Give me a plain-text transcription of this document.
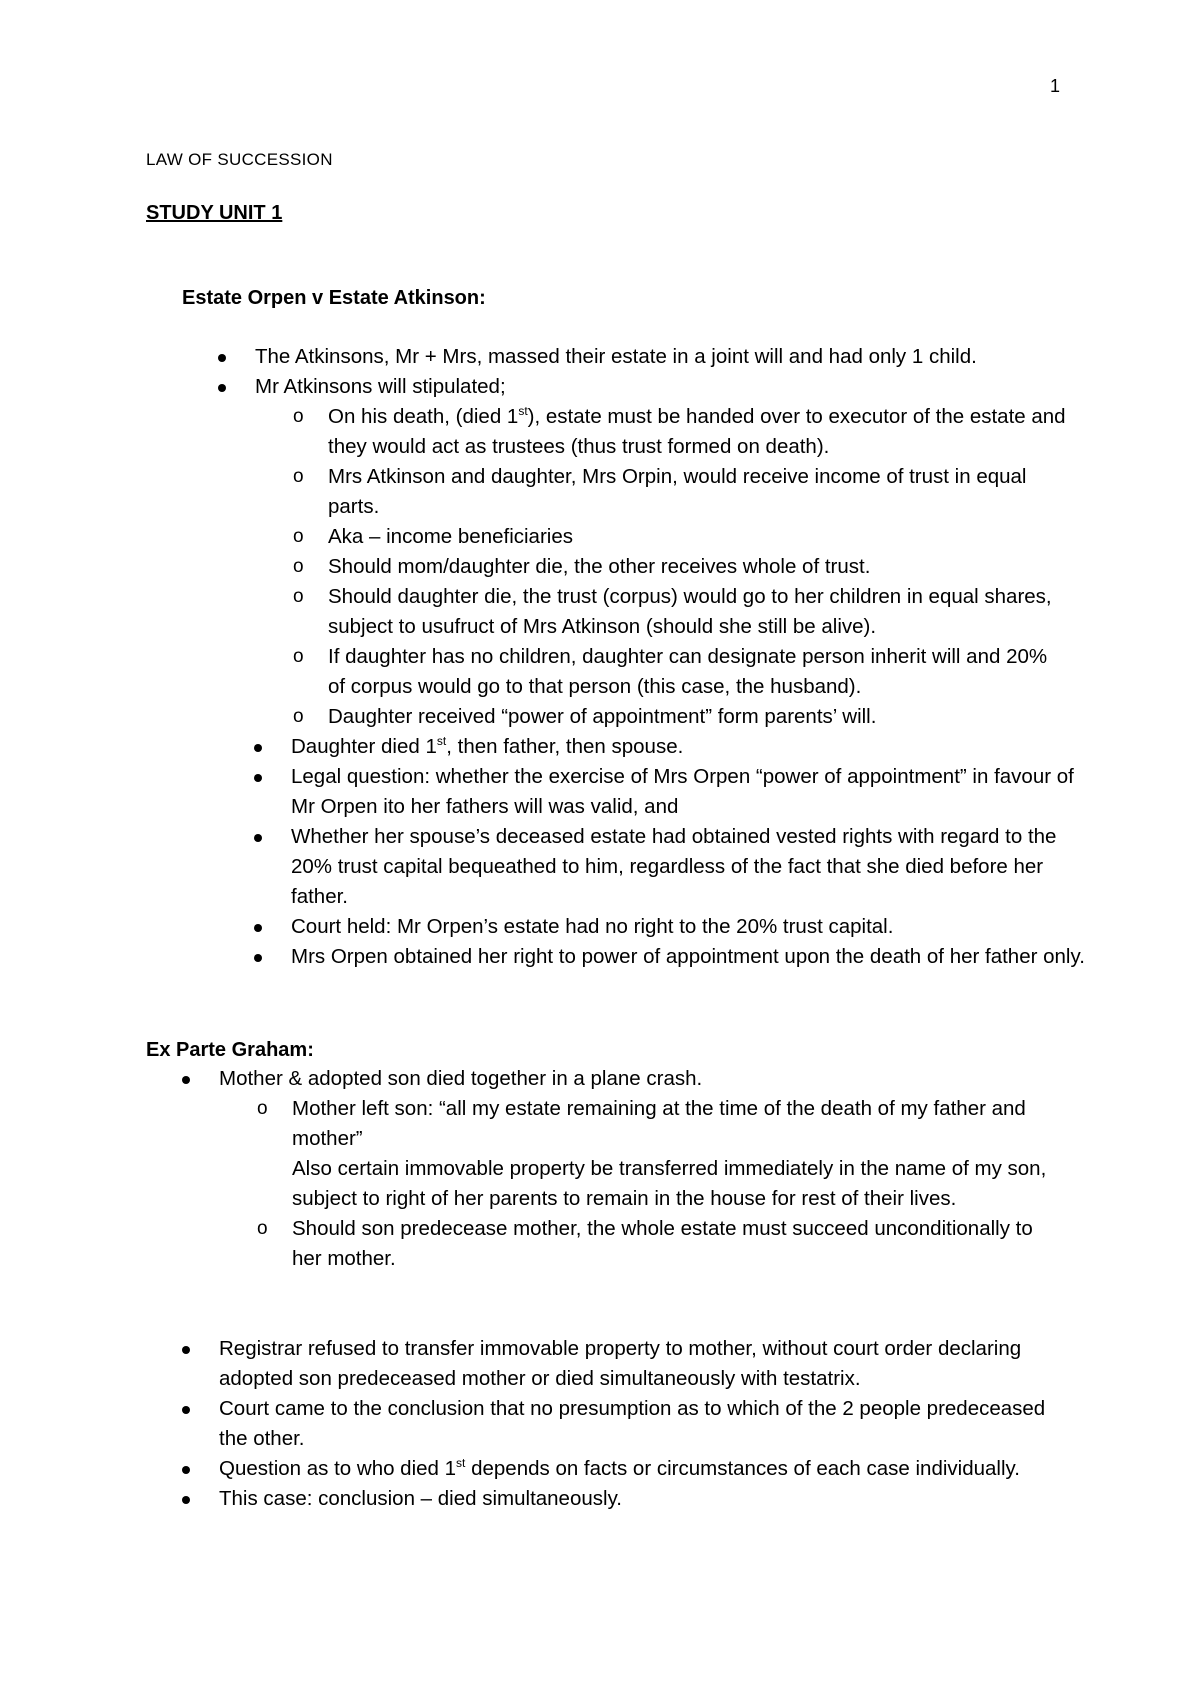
1
LAW OF SUCCESSION
STUDY UNIT 1
Estate Orpen v Estate Atkinson:
The Atkinsons, Mr + Mrs, massed their estate in a joint will and had only 1 child.
Mr Atkinsons will stipulated;
o On his death, (died 1st), estate must be handed over to executor of the estate and they would act as trustees (thus trust formed on death).
o Mrs Atkinson and daughter, Mrs Orpin, would receive income of trust in equal parts.
o Aka – income beneficiaries
o Should mom/daughter die, the other receives whole of trust.
o Should daughter die, the trust (corpus) would go to her children in equal shares, subject to usufruct of Mrs Atkinson (should she still be alive).
o If daughter has no children, daughter can designate person inherit will and 20% of corpus would go to that person (this case, the husband).
o Daughter received “power of appointment” form parents’ will.
Daughter died 1st, then father, then spouse.
Legal question: whether the exercise of Mrs Orpen “power of appointment” in favour of Mr Orpen ito her fathers will was valid, and
Whether her spouse’s deceased estate had obtained vested rights with regard to the 20% trust capital bequeathed to him, regardless of the fact that she died before her father.
Court held: Mr Orpen’s estate had no right to the 20% trust capital.
Mrs Orpen obtained her right to power of appointment upon the death of her father only.
Ex Parte Graham:
Mother & adopted son died together in a plane crash.
o Mother left son: “all my estate remaining at the time of the death of my father and mother”
Also certain immovable property be transferred immediately in the name of my son, subject to right of her parents to remain in the house for rest of their lives.
o Should son predecease mother, the whole estate must succeed unconditionally to her mother.
Registrar refused to transfer immovable property to mother, without court order declaring adopted son predeceased mother or died simultaneously with testatrix.
Court came to the conclusion that no presumption as to which of the 2 people predeceased the other.
Question as to who died 1st depends on facts or circumstances of each case individually.
This case: conclusion – died simultaneously.
